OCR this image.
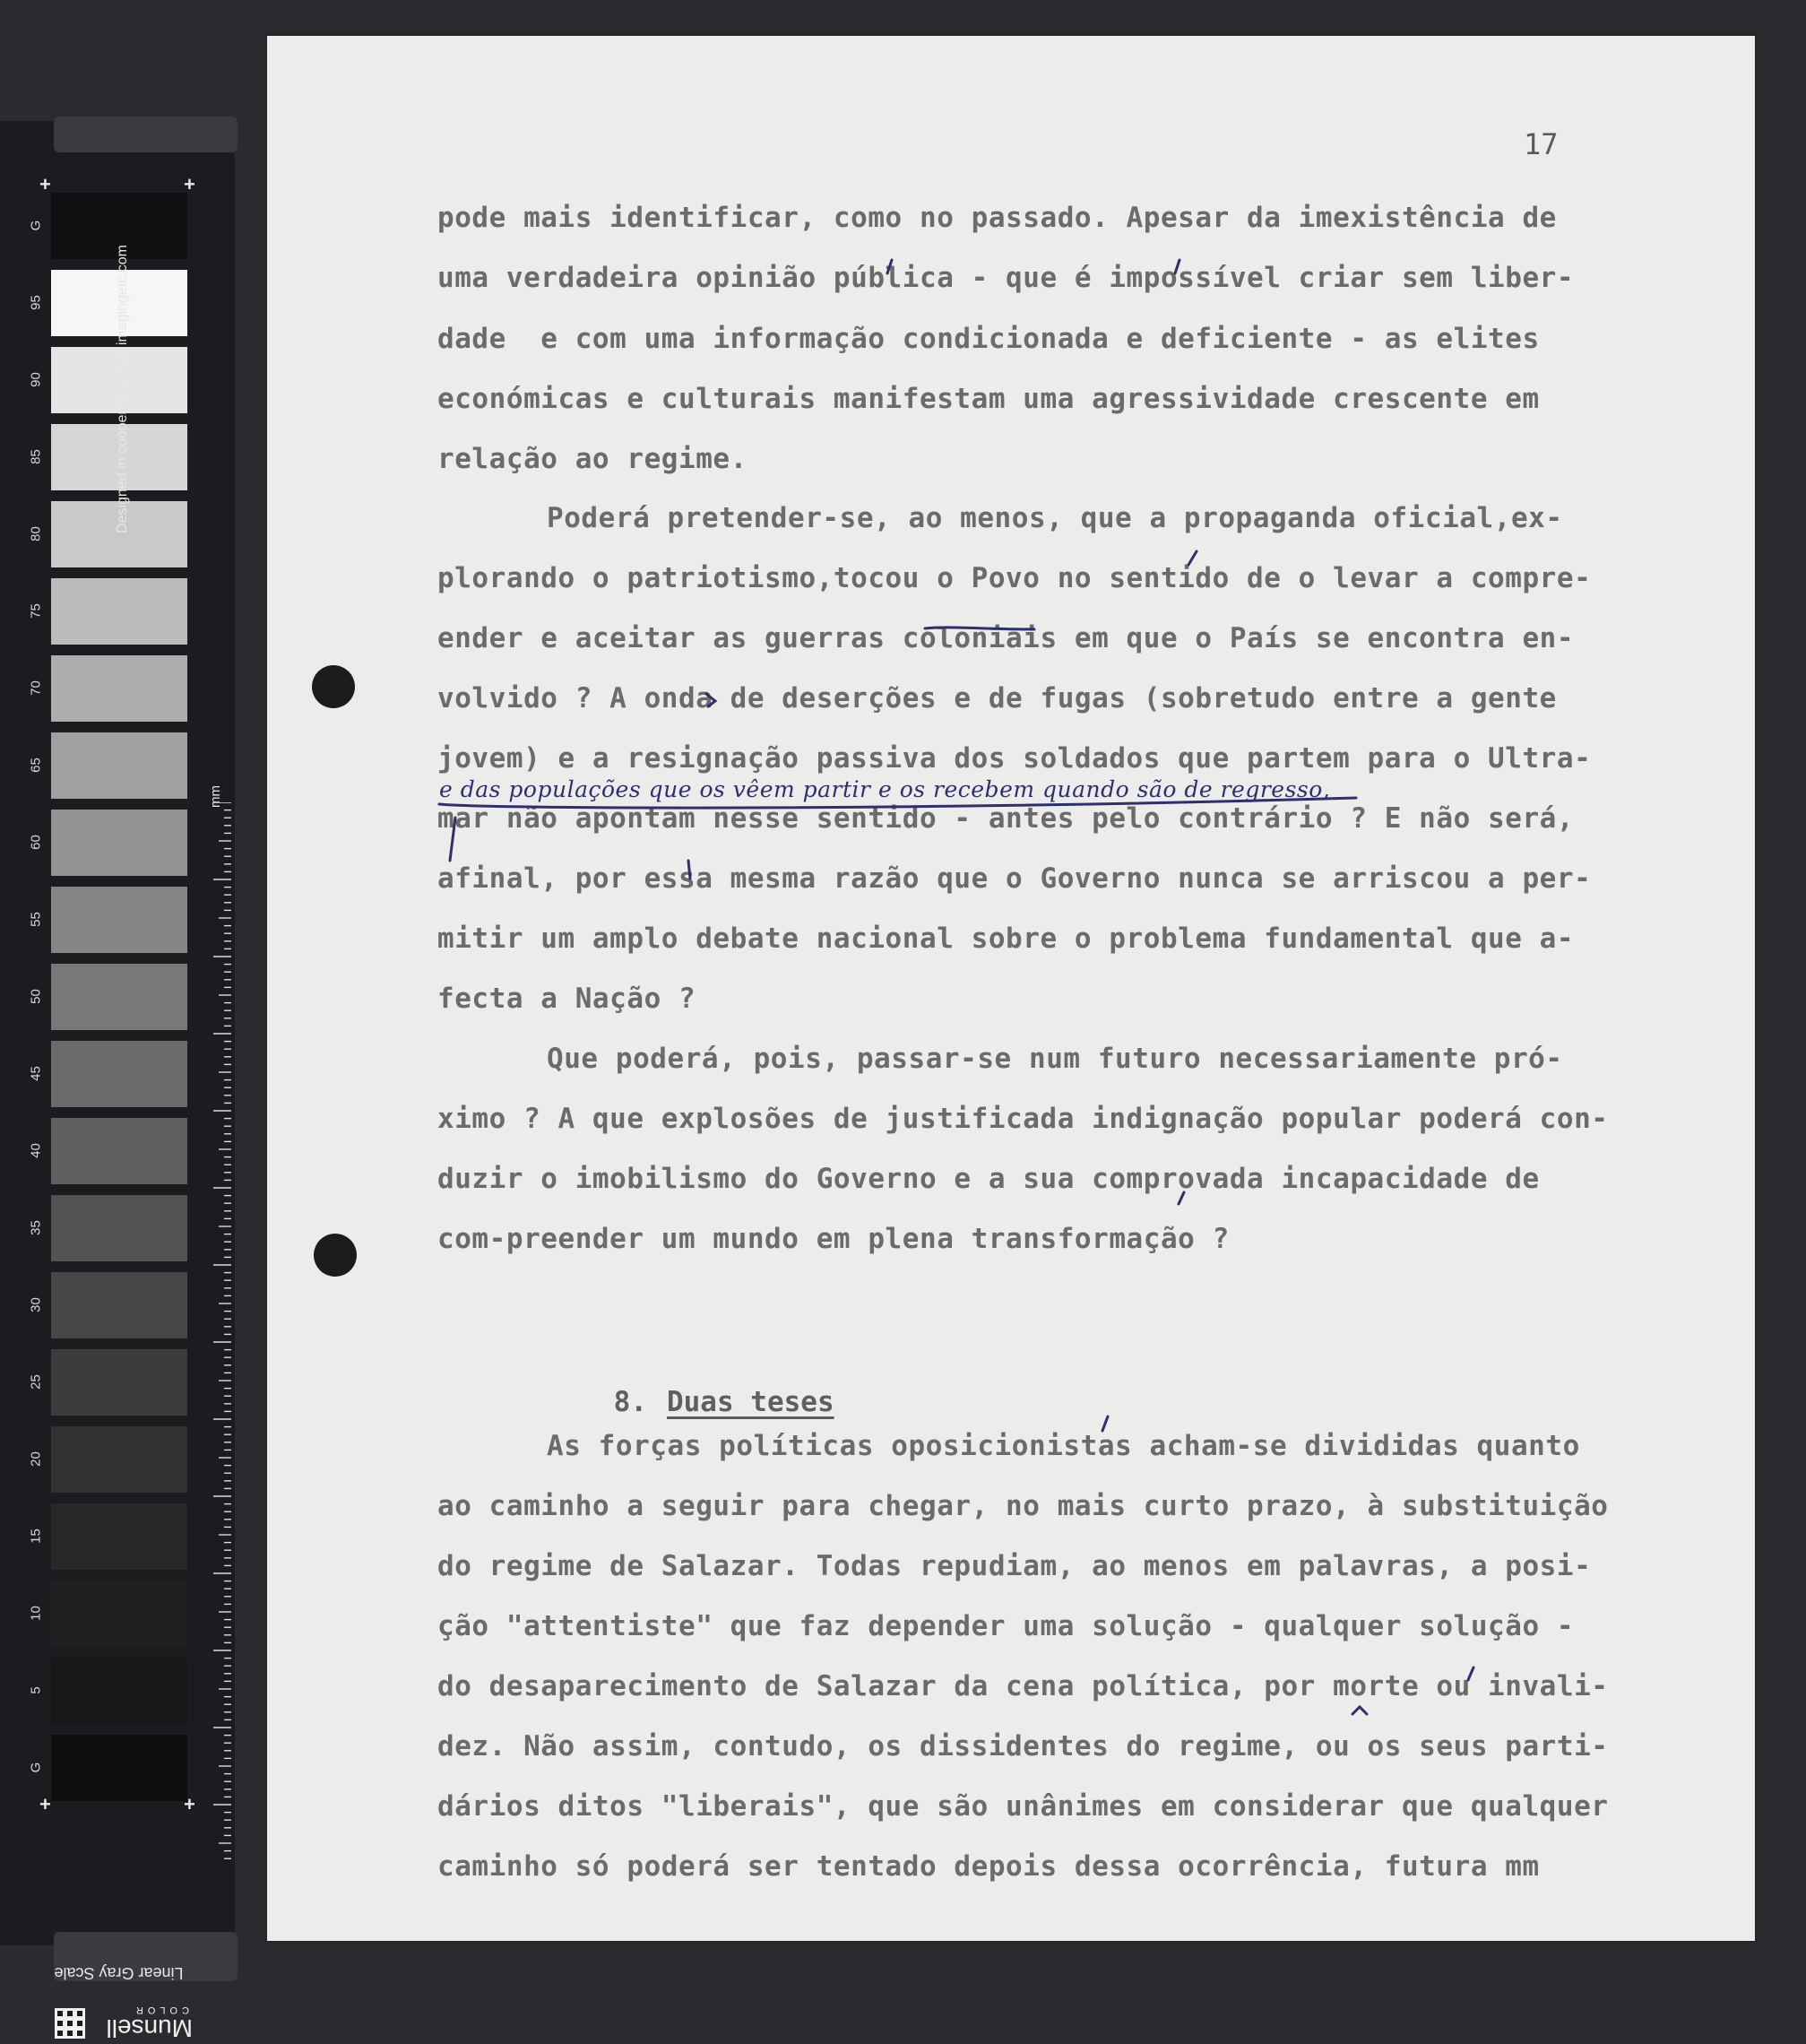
G
95
90
85
80
75
70
65
60
55
50
45
40
35
30
25
20
15
10
5
G
+	+
+	+
Designed in cooperation with imagingetc.com
mm
Linear Gray Scale
Munsell
COLOR
17
pode mais identificar, como no passado. Apesar da imexistência de
uma verdadeira opinião pública - que é impossível criar sem liber-
dade  e com uma informação condicionada e deficiente - as elites
económicas e culturais manifestam uma agressividade crescente em
relação ao regime.
Poderá pretender-se, ao menos, que a propaganda oficial,ex-
plorando o patriotismo,tocou o Povo no sentido de o levar a compre-
ender e aceitar as guerras coloniais em que o País se encontra en-
volvido ? A onda de deserções e de fugas (sobretudo entre a gente
jovem) e a resignação passiva dos soldados que partem para o Ultra-
e das populações que os vêem partir e os recebem quando são de regresso,
mar não apontam nesse sentido - antes pelo contrário ? E não será,
afinal, por essa mesma razão que o Governo nunca se arriscou a per-
mitir um amplo debate nacional sobre o problema fundamental que a-
fecta a Nação ?
Que poderá, pois, passar-se num futuro necessariamente pró-
ximo ? A que explosões de justificada indignação popular poderá con-
duzir o imobilismo do Governo e a sua comprovada incapacidade de
com-preender um mundo em plena transformação ?

8. Duas teses

As forças políticas oposicionistas acham-se divididas quanto
ao caminho a seguir para chegar, no mais curto prazo, à substituição
do regime de Salazar. Todas repudiam, ao menos em palavras, a posi-
ção "attentiste" que faz depender uma solução - qualquer solução -
do desaparecimento de Salazar da cena política, por morte ou invali-
dez. Não assim, contudo, os dissidentes do regime, ou os seus parti-
dários ditos "liberais", que são unânimes em considerar que qualquer
caminho só poderá ser tentado depois dessa ocorrência, futura mm
